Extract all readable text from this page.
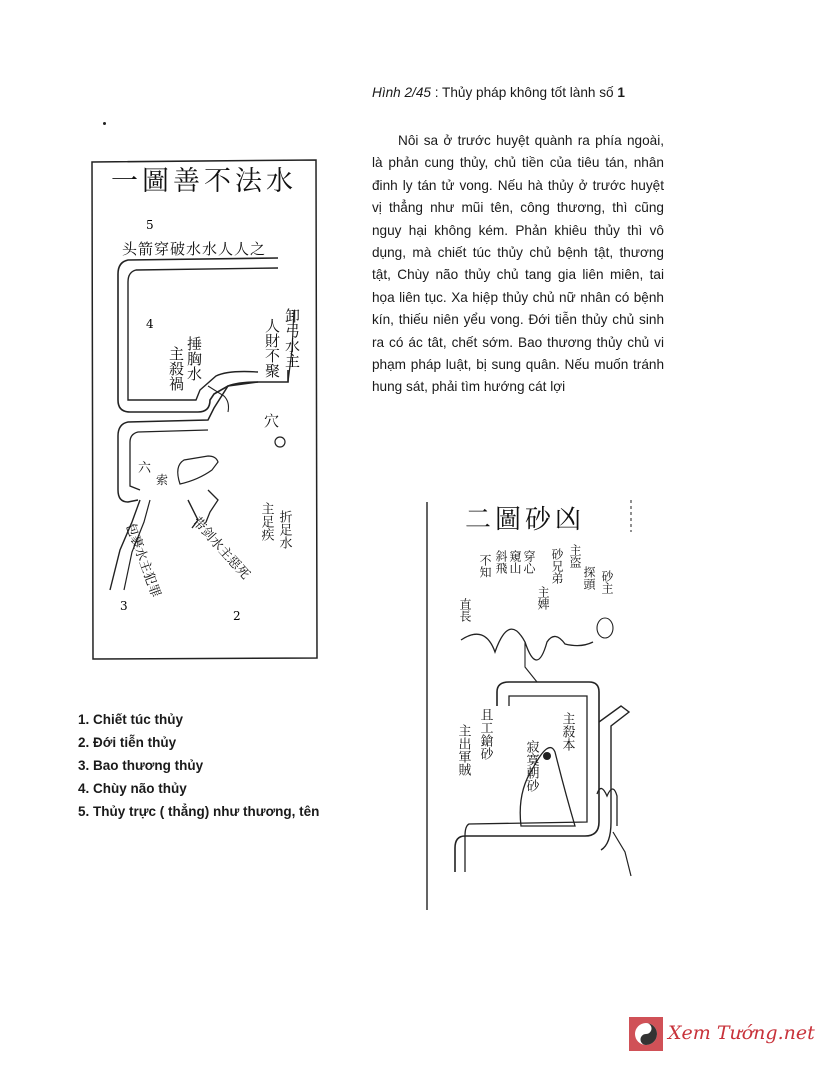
Hình 2/45 : Thủy pháp không tốt lành số 1
Nôi sa ở trước huyệt quành ra phía ngoài, là phản cung thủy, chủ tiền của tiêu tán, nhân đinh ly tán tử vong. Nếu hà thủy ở trước huyệt vị thẳng như mũi tên, công thương, thì cũng nguy hại không kém. Phản khiêu thủy thì vô dụng, mà chiết túc thủy chủ bệnh tật, thương tật, Chùy não thủy chủ tang gia liên miên, tai họa liên tục. Xa hiệp thủy chủ nữ nhân có bệnh kín, thiếu niên yểu vong. Đới tiễn thủy chủ sinh ra có ác tât, chết sớm. Bao thương thủy chủ vi phạm pháp luật, bị sung quân. Nếu muốn tránh hung sát, phải tìm hướng cát lợi
一圖善不法水
5
4
3
2
头箭穿破水水人人之
捶胸水
主殺禍
卸弓水主
人財不聚
穴
六
索
折足水
主足疾
包裹水主犯罪 带剑水主惡死
1. Chiết túc thủy
2. Đới tiễn thủy
3. Bao thương thủy
4. Chùy não thủy
5. Thủy trực ( thẳng) như thương, tên
二圖砂凶
不知 斜飛 窺山 穿心
主婢
砂兄弟 主盗
探頭 砂主
直長
主出軍賊 且工鎗砂
寂寞朝砂
主殺本
Xem Tướng.net
